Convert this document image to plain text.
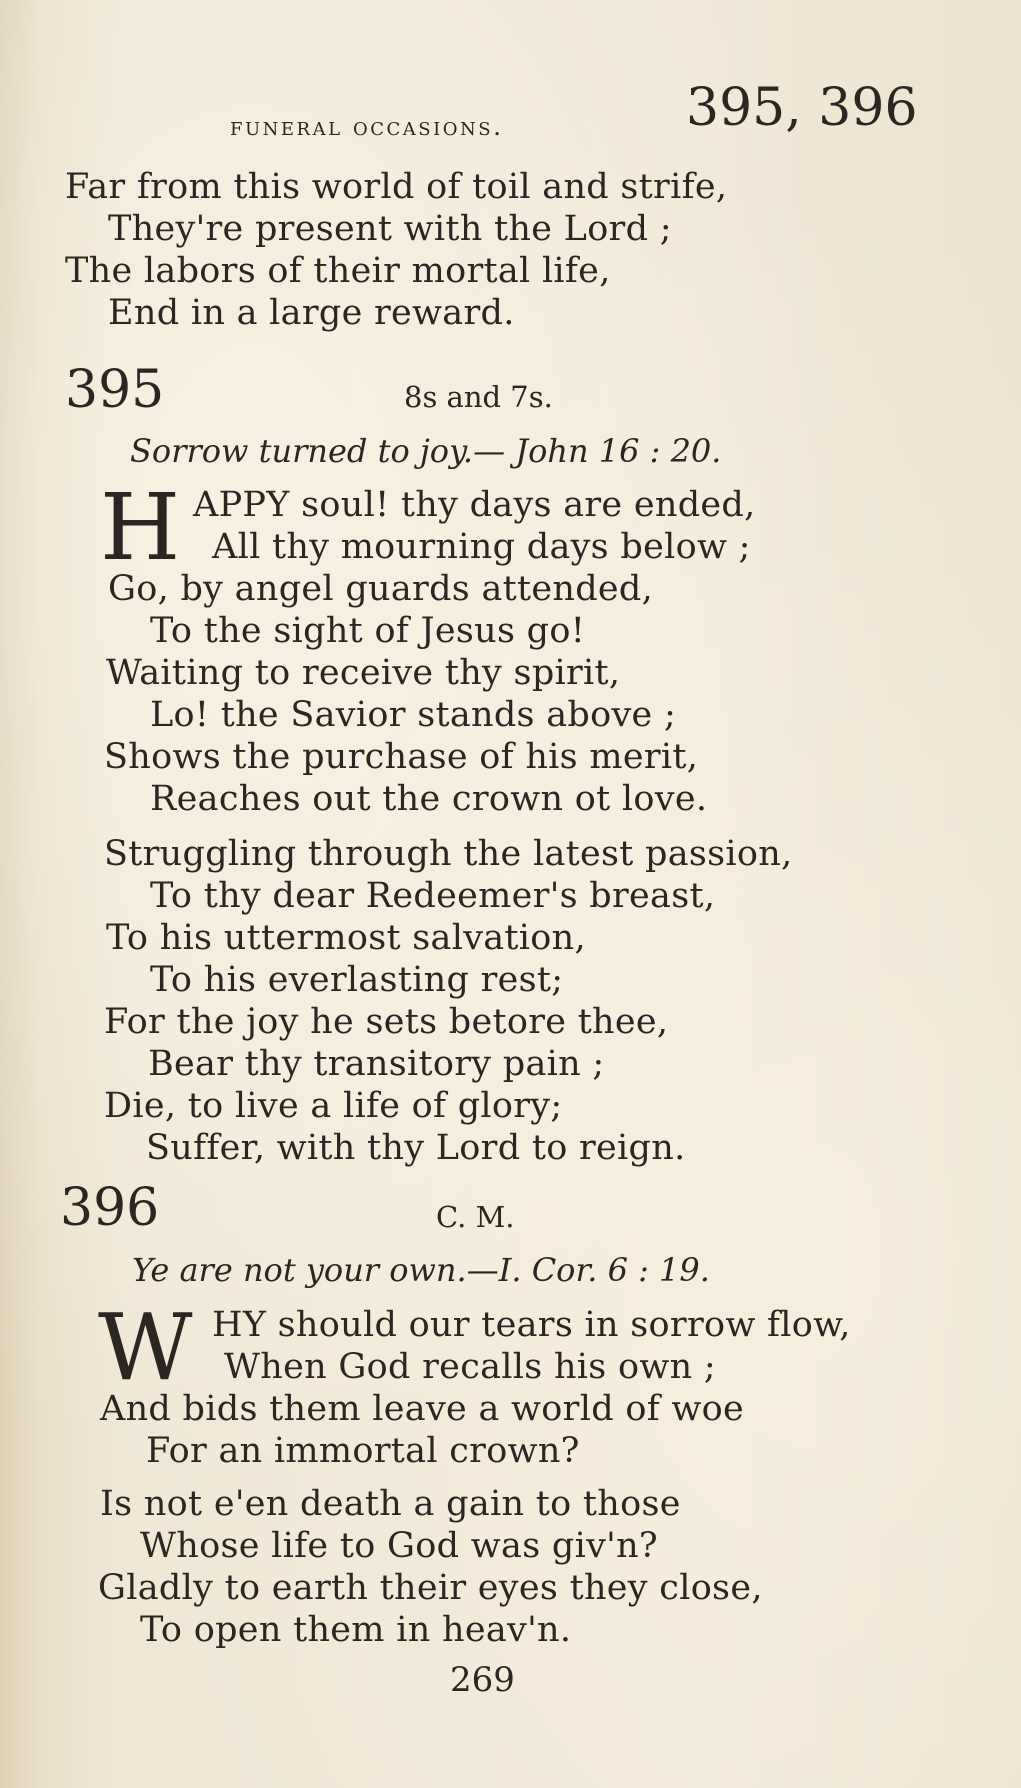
funeral occasions.	395, 396
Far from this world of toil and strife,
They're present with the Lord ;
The labors of their mortal life,
End in a large reward.
395	8s and 7s.
Sorrow turned to joy.— John 16 : 20.
H APPY soul! thy days are ended,
All thy mourning days below ;
Go, by angel guards attended,
To the sight of Jesus go!
Waiting to receive thy spirit,
Lo! the Savior stands above ;
Shows the purchase of his merit,
Reaches out the crown ot love.
Struggling through the latest passion,
To thy dear Redeemer's breast,
To his uttermost salvation,
To his everlasting rest;
For the joy he sets betore thee,
Bear thy transitory pain ;
Die, to live a life of glory;
Suffer, with thy Lord to reign.
396	C. M.
Ye are not your own.—I. Cor. 6 : 19.
W HY should our tears in sorrow flow,
When God recalls his own ;
And bids them leave a world of woe
For an immortal crown?
Is not e'en death a gain to those
Whose life to God was giv'n?
Gladly to earth their eyes they close,
To open them in heav'n.
269
